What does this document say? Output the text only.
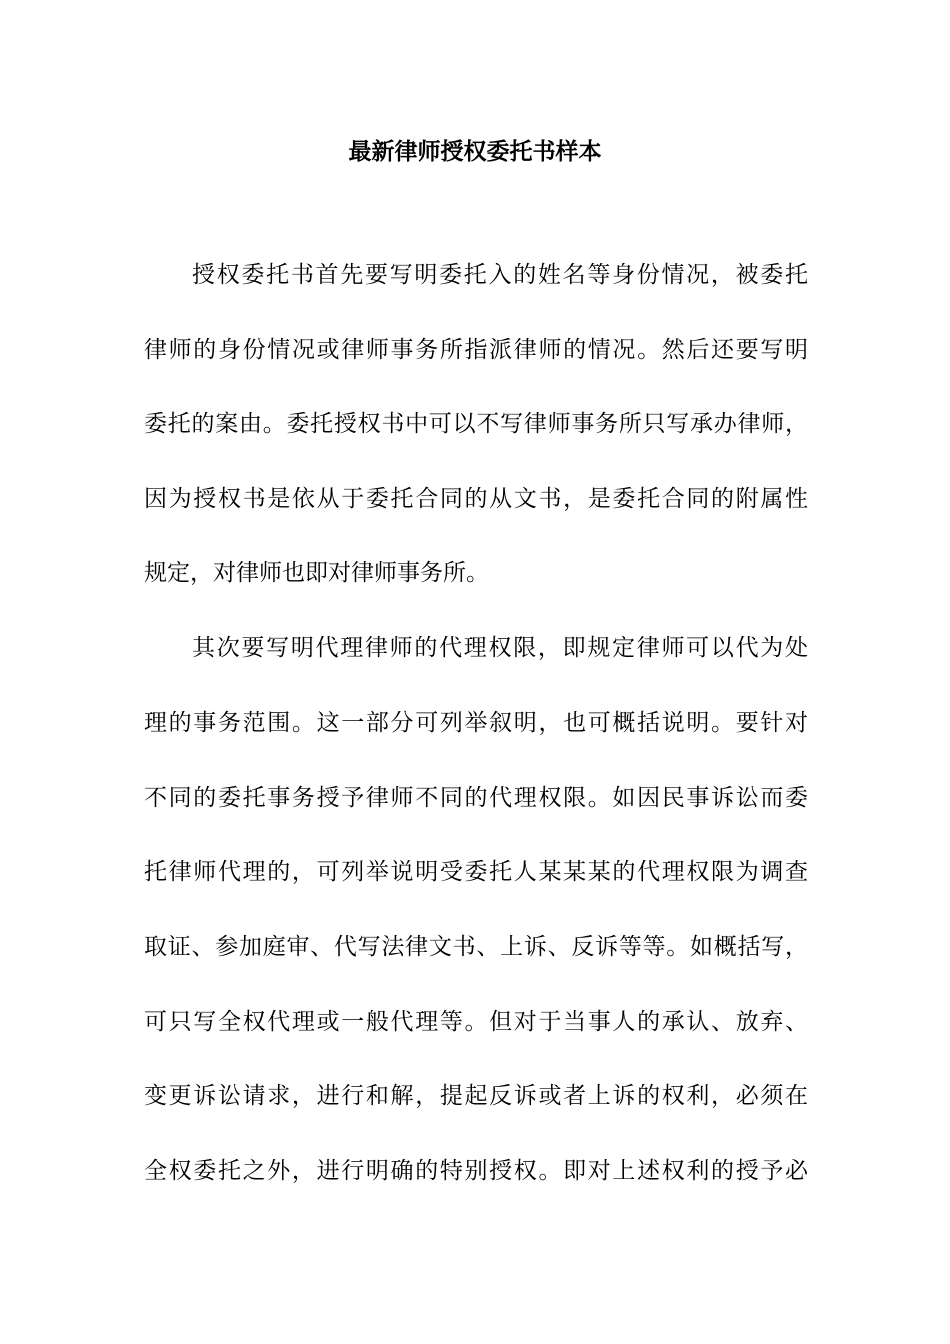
最新律师授权委托书样本
授权委托书首先要写明委托入的姓名等身份情况，被委托
律师的身份情况或律师事务所指派律师的情况。然后还要写明
委托的案由。委托授权书中可以不写律师事务所只写承办律师，
因为授权书是依从于委托合同的从文书，是委托合同的附属性
规定，对律师也即对律师事务所。
其次要写明代理律师的代理权限，即规定律师可以代为处
理的事务范围。这一部分可列举叙明，也可概括说明。要针对
不同的委托事务授予律师不同的代理权限。如因民事诉讼而委
托律师代理的，可列举说明受委托人某某某的代理权限为调查
取证、参加庭审、代写法律文书、上诉、反诉等等。如概括写，
可只写全权代理或一般代理等。但对于当事人的承认、放弃、
变更诉讼请求，进行和解，提起反诉或者上诉的权利，必须在
全权委托之外，进行明确的特别授权。即对上述权利的授予必
